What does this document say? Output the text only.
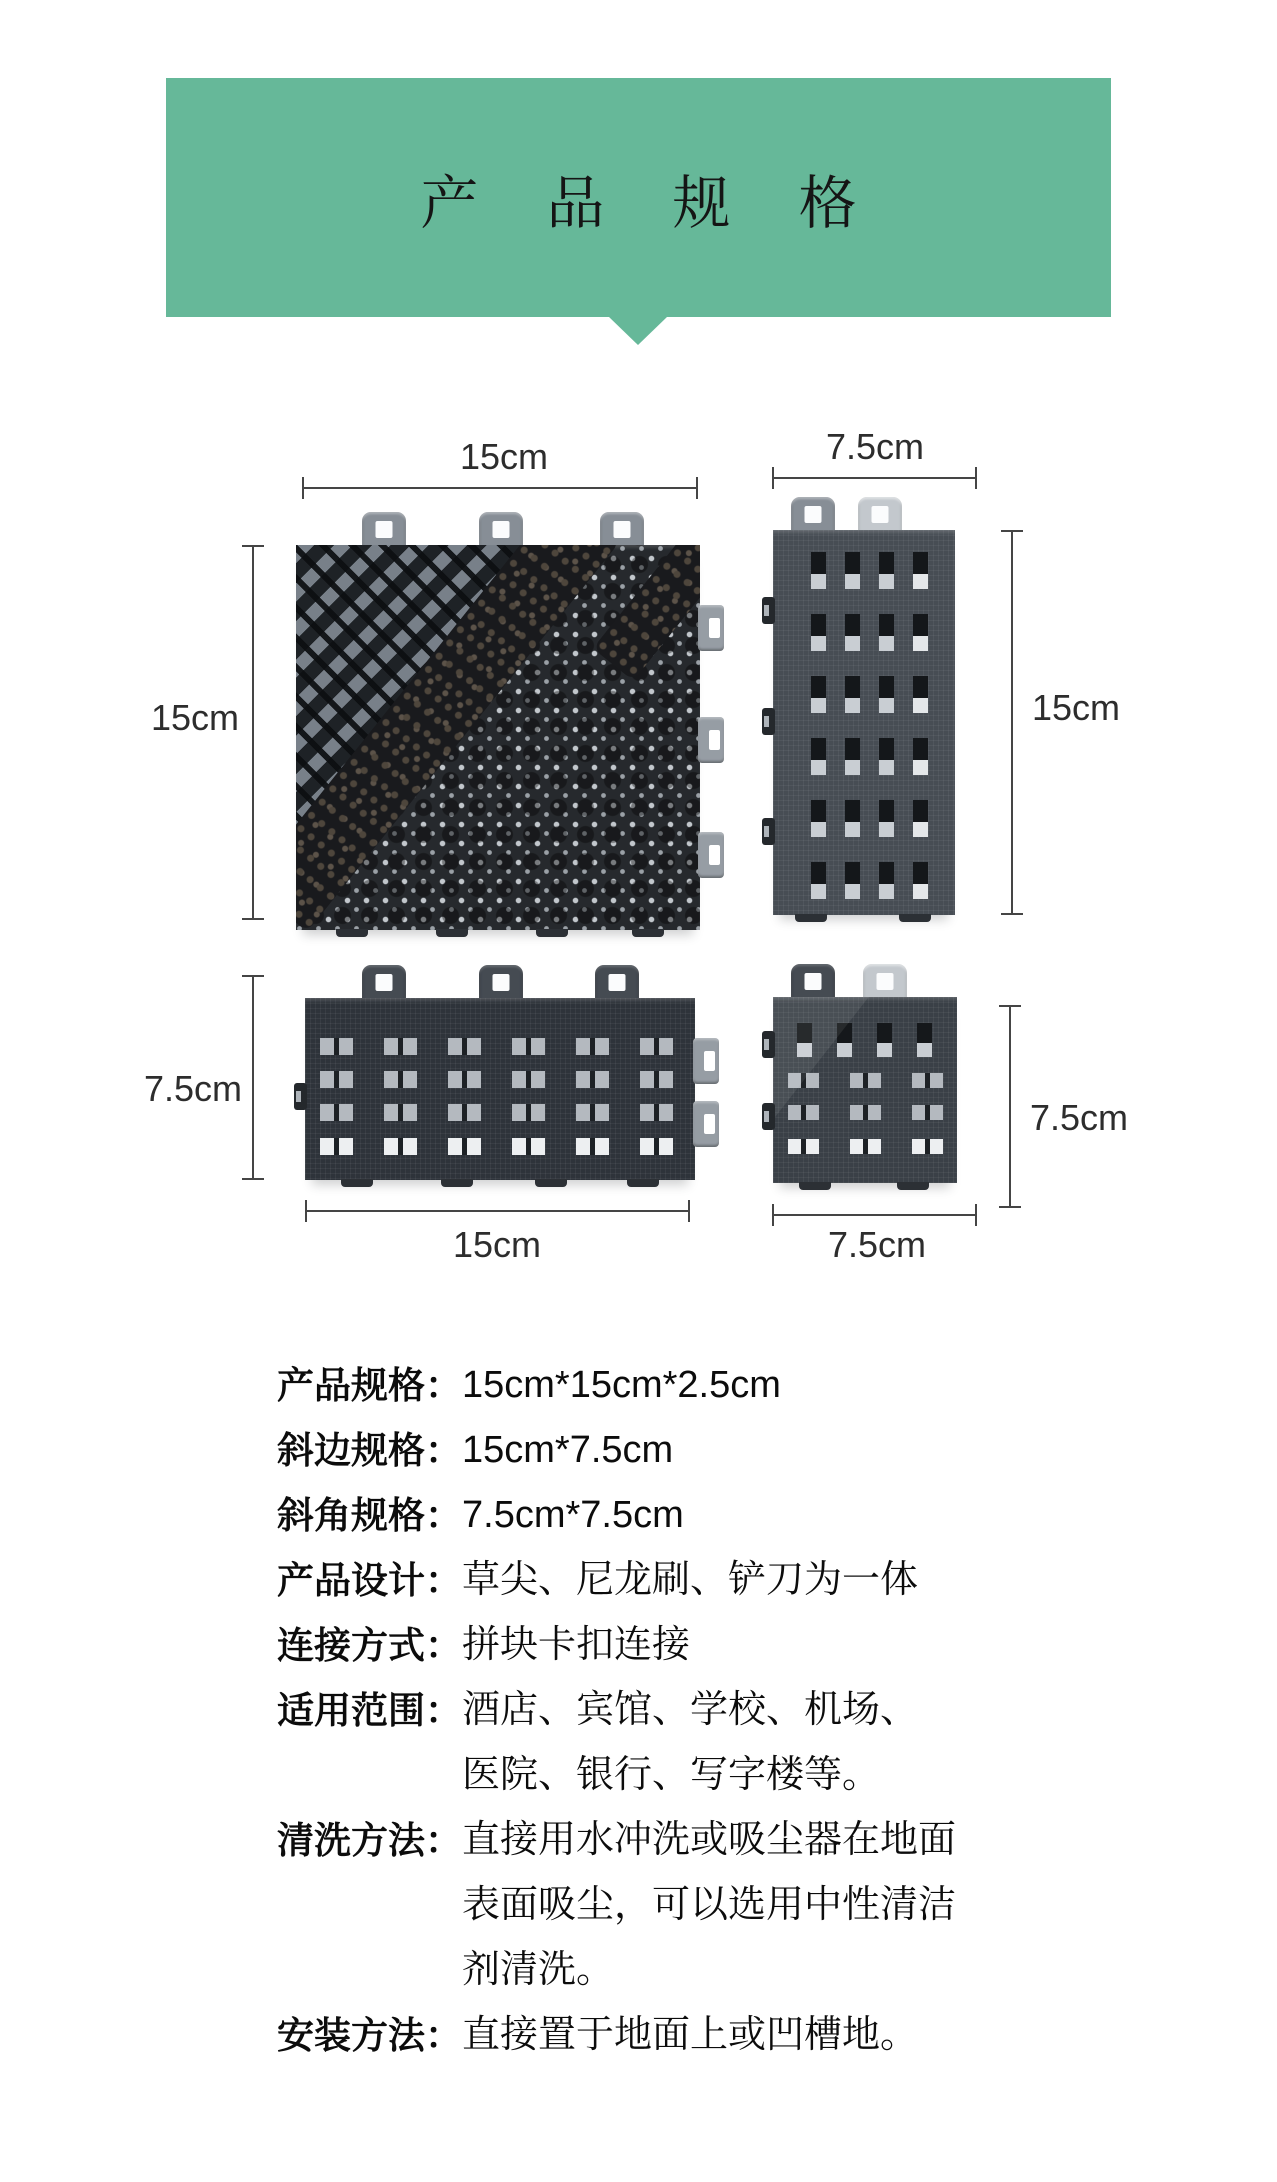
产 品 规 格
15cm
15cm
7.5cm
15cm
7.5cm
15cm
7.5cm
7.5cm
产品规格： 15cm*15cm*2.5cm
斜边规格： 15cm*7.5cm
斜角规格： 7.5cm*7.5cm
产品设计： 草尖、尼龙刷、铲刀为一体
连接方式： 拼块卡扣连接
适用范围： 酒店、宾馆、学校、机场、
医院、银行、写字楼等。
清洗方法： 直接用水冲洗或吸尘器在地面
表面吸尘，可以选用中性清洁
剂清洗。
安装方法： 直接置于地面上或凹槽地。
